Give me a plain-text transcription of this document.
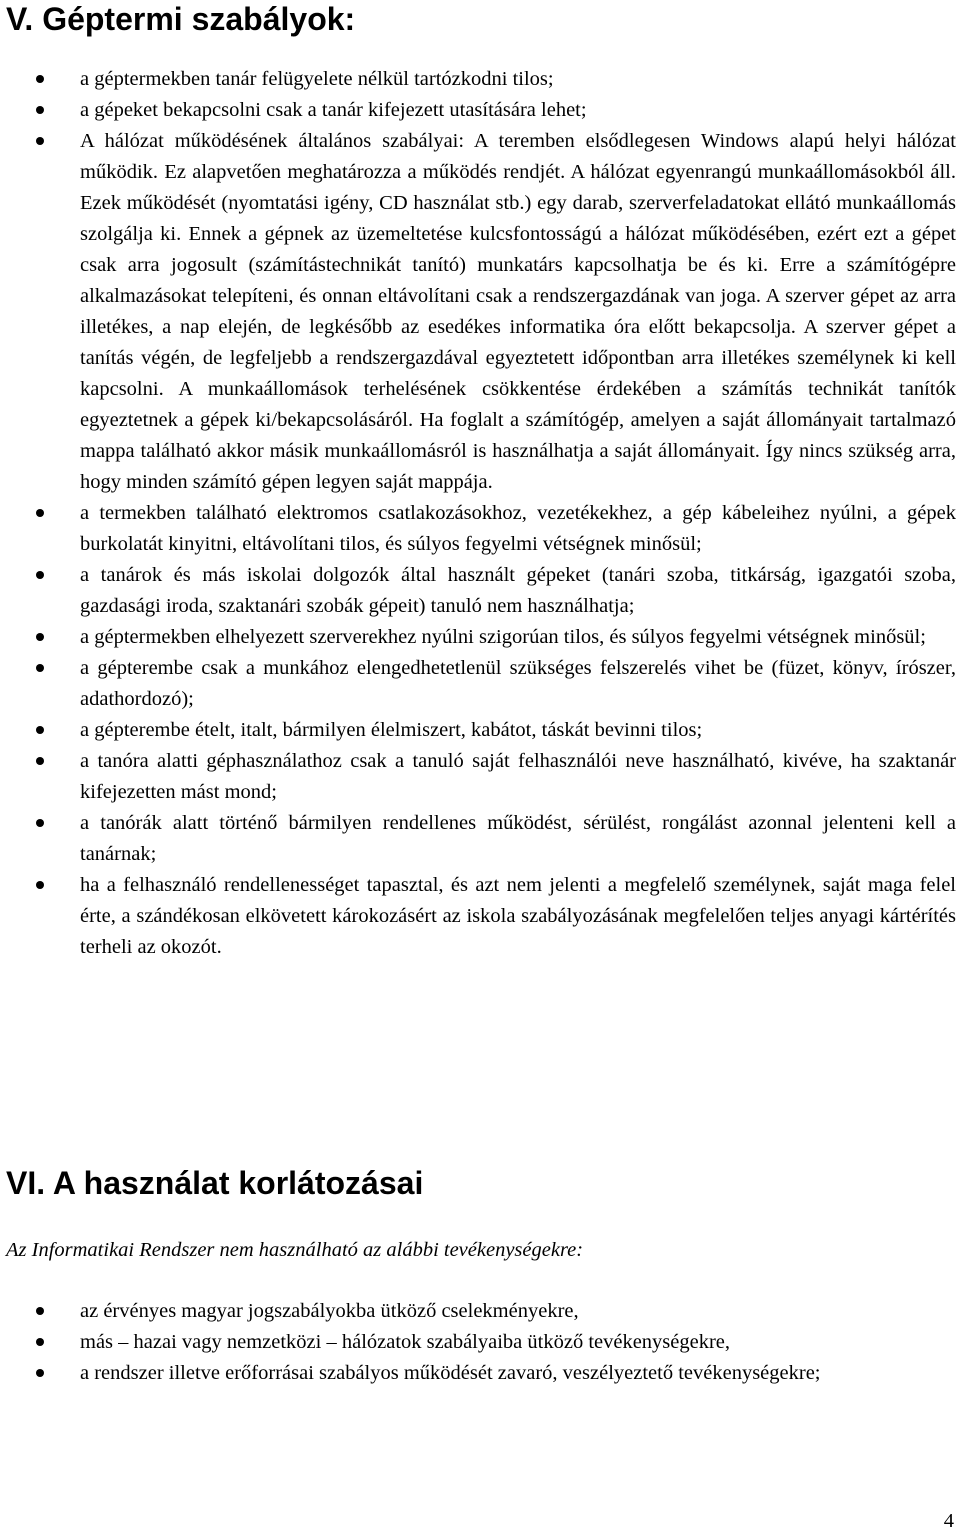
V. Géptermi szabályok:
a géptermekben tanár felügyelete nélkül tartózkodni tilos;
a gépeket bekapcsolni csak a tanár kifejezett utasítására lehet;
A hálózat működésének általános szabályai: A teremben elsődlegesen Windows alapú helyi hálózat működik. Ez alapvetően meghatározza a működés rendjét. A hálózat egyenrangú munkaállomásokból áll. Ezek működését (nyomtatási igény, CD használat stb.) egy darab, szerverfeladatokat ellátó munkaállomás szolgálja ki. Ennek a gépnek az üzemeltetése kulcsfontosságú a hálózat működésében, ezért ezt a gépet csak arra jogosult (számítástechnikát tanító) munkatárs kapcsolhatja be és ki. Erre a számítógépre alkalmazásokat telepíteni, és onnan eltávolítani csak a rendszergazdának van joga. A szerver gépet az arra illetékes, a nap elején, de legkésőbb az esedékes informatika óra előtt bekapcsolja. A szerver gépet a tanítás végén, de legfeljebb a rendszergazdával egyeztetett időpontban arra illetékes személynek ki kell kapcsolni. A munkaállomások terhelésének csökkentése érdekében a számítás technikát tanítók egyeztetnek a gépek ki/bekapcsolásáról. Ha foglalt a számítógép, amelyen a saját állományait tartalmazó mappa található akkor másik munkaállomásról is használhatja a saját állományait. Így nincs szükség arra, hogy minden számító gépen legyen saját mappája.
a termekben található elektromos csatlakozásokhoz, vezetékekhez, a gép kábeleihez nyúlni, a gépek burkolatát kinyitni, eltávolítani tilos, és súlyos fegyelmi vétségnek minősül;
a tanárok és más iskolai dolgozók által használt gépeket (tanári szoba, titkárság, igazgatói szoba, gazdasági iroda, szaktanári szobák gépeit) tanuló nem használhatja;
a géptermekben elhelyezett szerverekhez nyúlni szigorúan tilos, és súlyos fegyelmi vétségnek minősül;
a gépterembe csak a munkához elengedhetetlenül szükséges felszerelés vihet be (füzet, könyv, írószer, adathordozó);
a gépterembe ételt, italt, bármilyen élelmiszert, kabátot, táskát bevinni tilos;
a tanóra alatti géphasználathoz csak a tanuló saját felhasználói neve használható, kivéve, ha szaktanár kifejezetten mást mond;
a tanórák alatt történő bármilyen rendellenes működést, sérülést, rongálást azonnal jelenteni kell a tanárnak;
ha a felhasználó rendellenességet tapasztal, és azt nem jelenti a megfelelő személynek, saját maga felel érte, a szándékosan elkövetett károkozásért az iskola szabályozásának megfelelően teljes anyagi kártérítés terheli az okozót.
VI. A használat korlátozásai

Az Informatikai Rendszer nem használható az alábbi tevékenységekre:

az érvényes magyar jogszabályokba ütköző cselekményekre,
más – hazai vagy nemzetközi – hálózatok szabályaiba ütköző tevékenységekre,
a rendszer illetve erőforrásai szabályos működését zavaró, veszélyeztető tevékenységekre;

4
